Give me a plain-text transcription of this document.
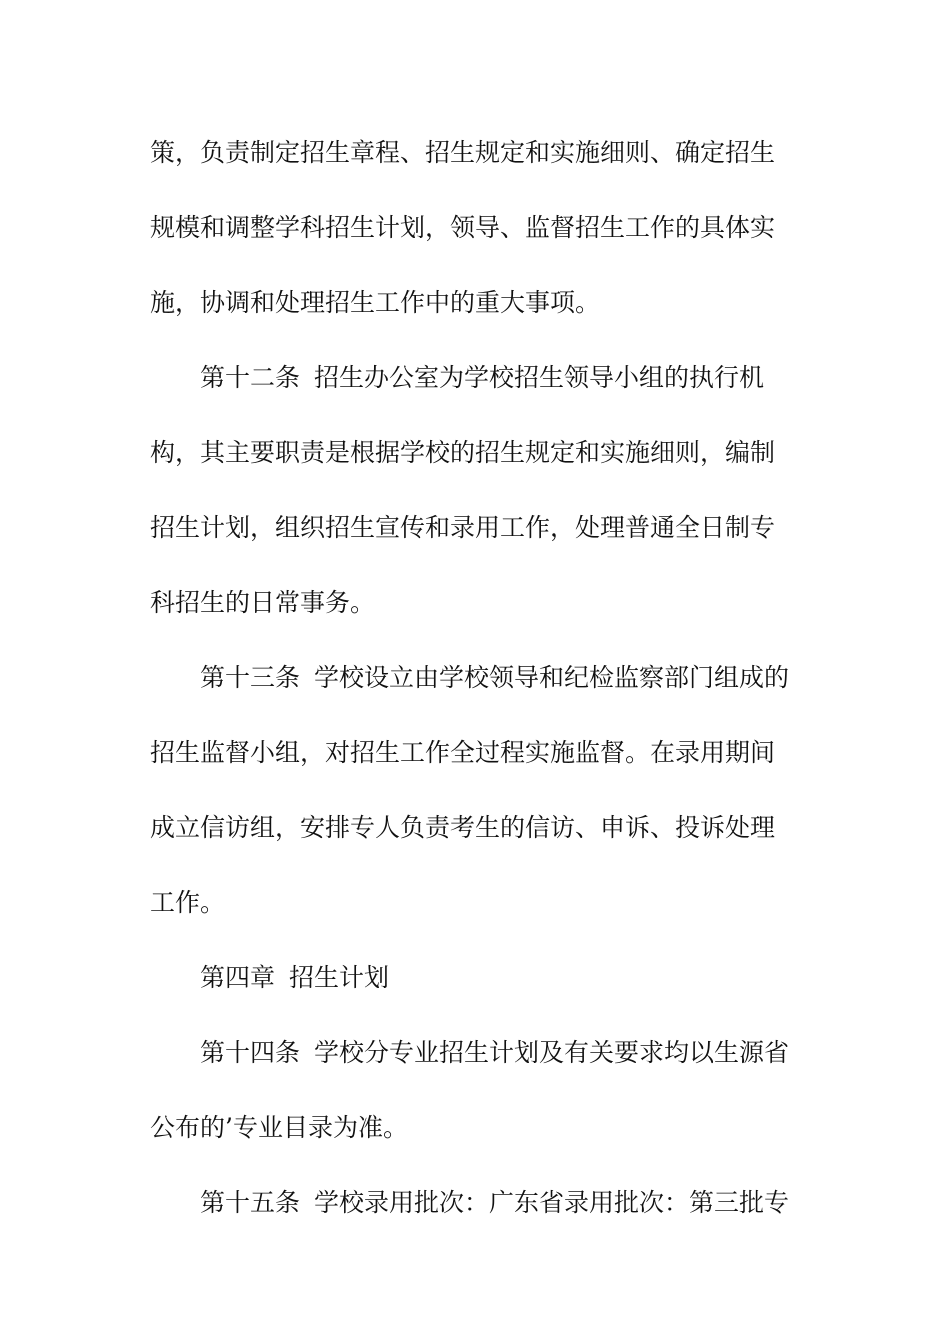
策，负责制定招生章程、招生规定和实施细则、确定招生
规模和调整学科招生计划，领导、监督招生工作的具体实
施，协调和处理招生工作中的重大事项。
第十二条 招生办公室为学校招生领导小组的执行机
构，其主要职责是根据学校的招生规定和实施细则，编制
招生计划，组织招生宣传和录用工作，处理普通全日制专
科招生的日常事务。
第十三条 学校设立由学校领导和纪检监察部门组成的
招生监督小组，对招生工作全过程实施监督。在录用期间
成立信访组，安排专人负责考生的信访、申诉、投诉处理
工作。
第四章 招生计划
第十四条 学校分专业招生计划及有关要求均以生源省
公布的’专业目录为准。
第十五条 学校录用批次：广东省录用批次：第三批专
